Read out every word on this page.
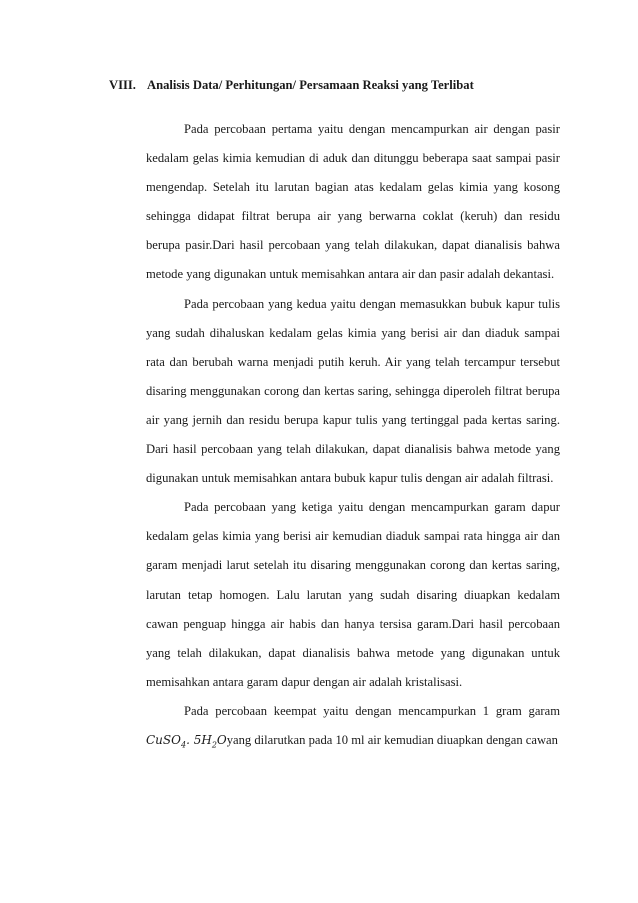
VIII. Analisis Data/ Perhitungan/ Persamaan Reaksi yang Terlibat

Pada percobaan pertama yaitu dengan mencampurkan air dengan pasir kedalam gelas kimia kemudian di aduk dan ditunggu beberapa saat sampai pasir mengendap. Setelah itu larutan bagian atas kedalam gelas kimia yang kosong sehingga didapat filtrat berupa air yang berwarna coklat (keruh) dan residu berupa pasir.Dari hasil percobaan yang telah dilakukan, dapat dianalisis bahwa metode yang digunakan untuk memisahkan antara air dan pasir adalah dekantasi.

Pada percobaan yang kedua yaitu dengan memasukkan bubuk kapur tulis yang sudah dihaluskan kedalam gelas kimia yang berisi air dan diaduk sampai rata dan berubah warna menjadi putih keruh. Air yang telah tercampur tersebut disaring menggunakan corong dan kertas saring, sehingga diperoleh filtrat berupa air yang jernih dan residu berupa kapur tulis yang tertinggal pada kertas saring. Dari hasil percobaan yang telah dilakukan, dapat dianalisis bahwa metode yang digunakan untuk memisahkan antara bubuk kapur tulis dengan air adalah filtrasi.

Pada percobaan yang ketiga yaitu dengan mencampurkan garam dapur kedalam gelas kimia yang berisi air kemudian diaduk sampai rata hingga air dan garam menjadi larut setelah itu disaring menggunakan corong dan kertas saring, larutan tetap homogen. Lalu larutan yang sudah disaring diuapkan kedalam cawan penguap hingga air habis dan hanya tersisa garam.Dari hasil percobaan yang telah dilakukan, dapat dianalisis bahwa metode yang digunakan untuk memisahkan antara garam dapur dengan air adalah kristalisasi.

Pada percobaan keempat yaitu dengan mencampurkan 1 gram garam CuSO$_4$. $5H_2Oyang$ dilarutkan pada 10 ml air kemudian diuapkan dengan cawan
